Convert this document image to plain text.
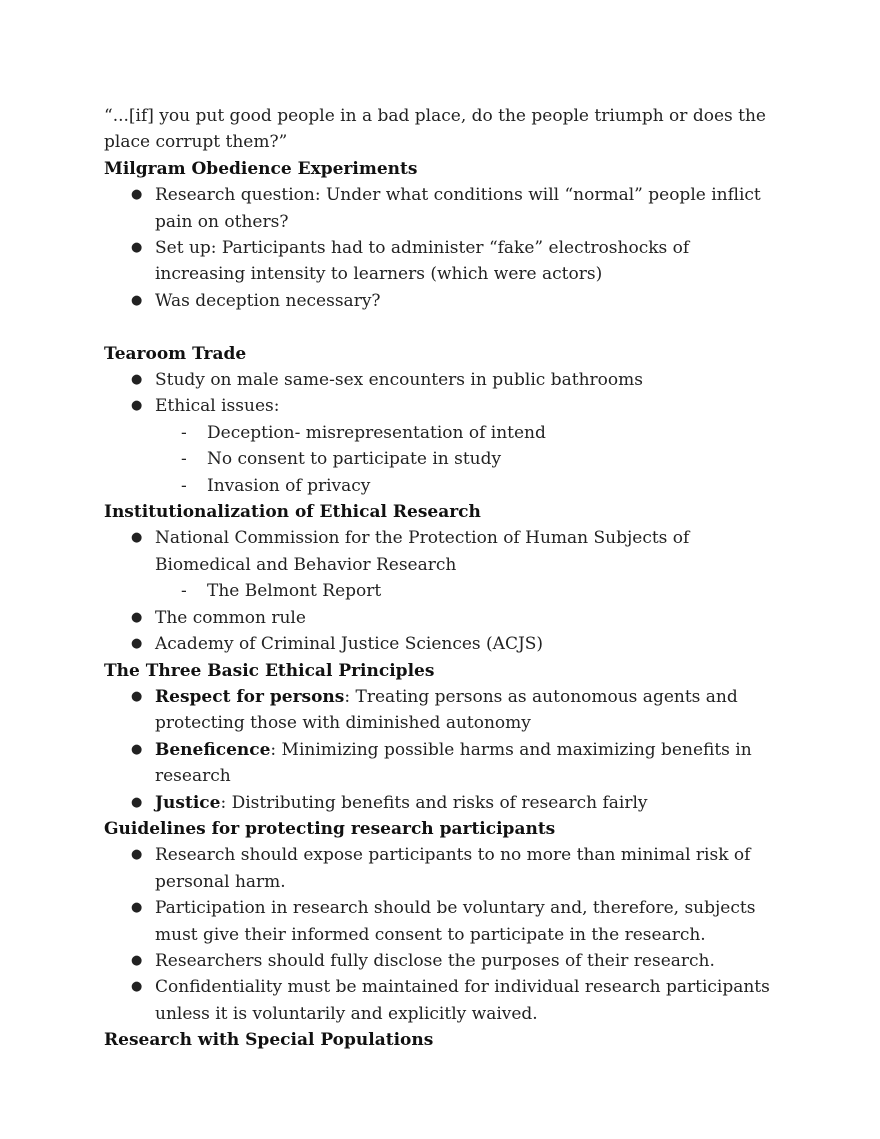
“...[if] you put good people in a bad place, do the people triumph or does the place corrupt them?”

Milgram Obedience Experiments

● Research question: Under what conditions will “normal” people inflict pain on others?
● Set up: Participants had to administer “fake” electroshocks of increasing intensity to learners (which were actors)
● Was deception necessary?

Tearoom Trade

● Study on male same-sex encounters in public bathrooms
● Ethical issues:
- Deception- misrepresentation of intend
- No consent to participate in study
- Invasion of privacy

Institutionalization of Ethical Research

● National Commission for the Protection of Human Subjects of Biomedical and Behavior Research
- The Belmont Report
● The common rule
● Academy of Criminal Justice Sciences (ACJS)

The Three Basic Ethical Principles

● Respect for persons: Treating persons as autonomous agents and protecting those with diminished autonomy
● Beneficence: Minimizing possible harms and maximizing benefits in research
● Justice: Distributing benefits and risks of research fairly

Guidelines for protecting research participants

● Research should expose participants to no more than minimal risk of personal harm.
● Participation in research should be voluntary and, therefore, subjects must give their informed consent to participate in the research.
● Researchers should fully disclose the purposes of their research.
● Confidentiality must be maintained for individual research participants unless it is voluntarily and explicitly waived.

Research with Special Populations
